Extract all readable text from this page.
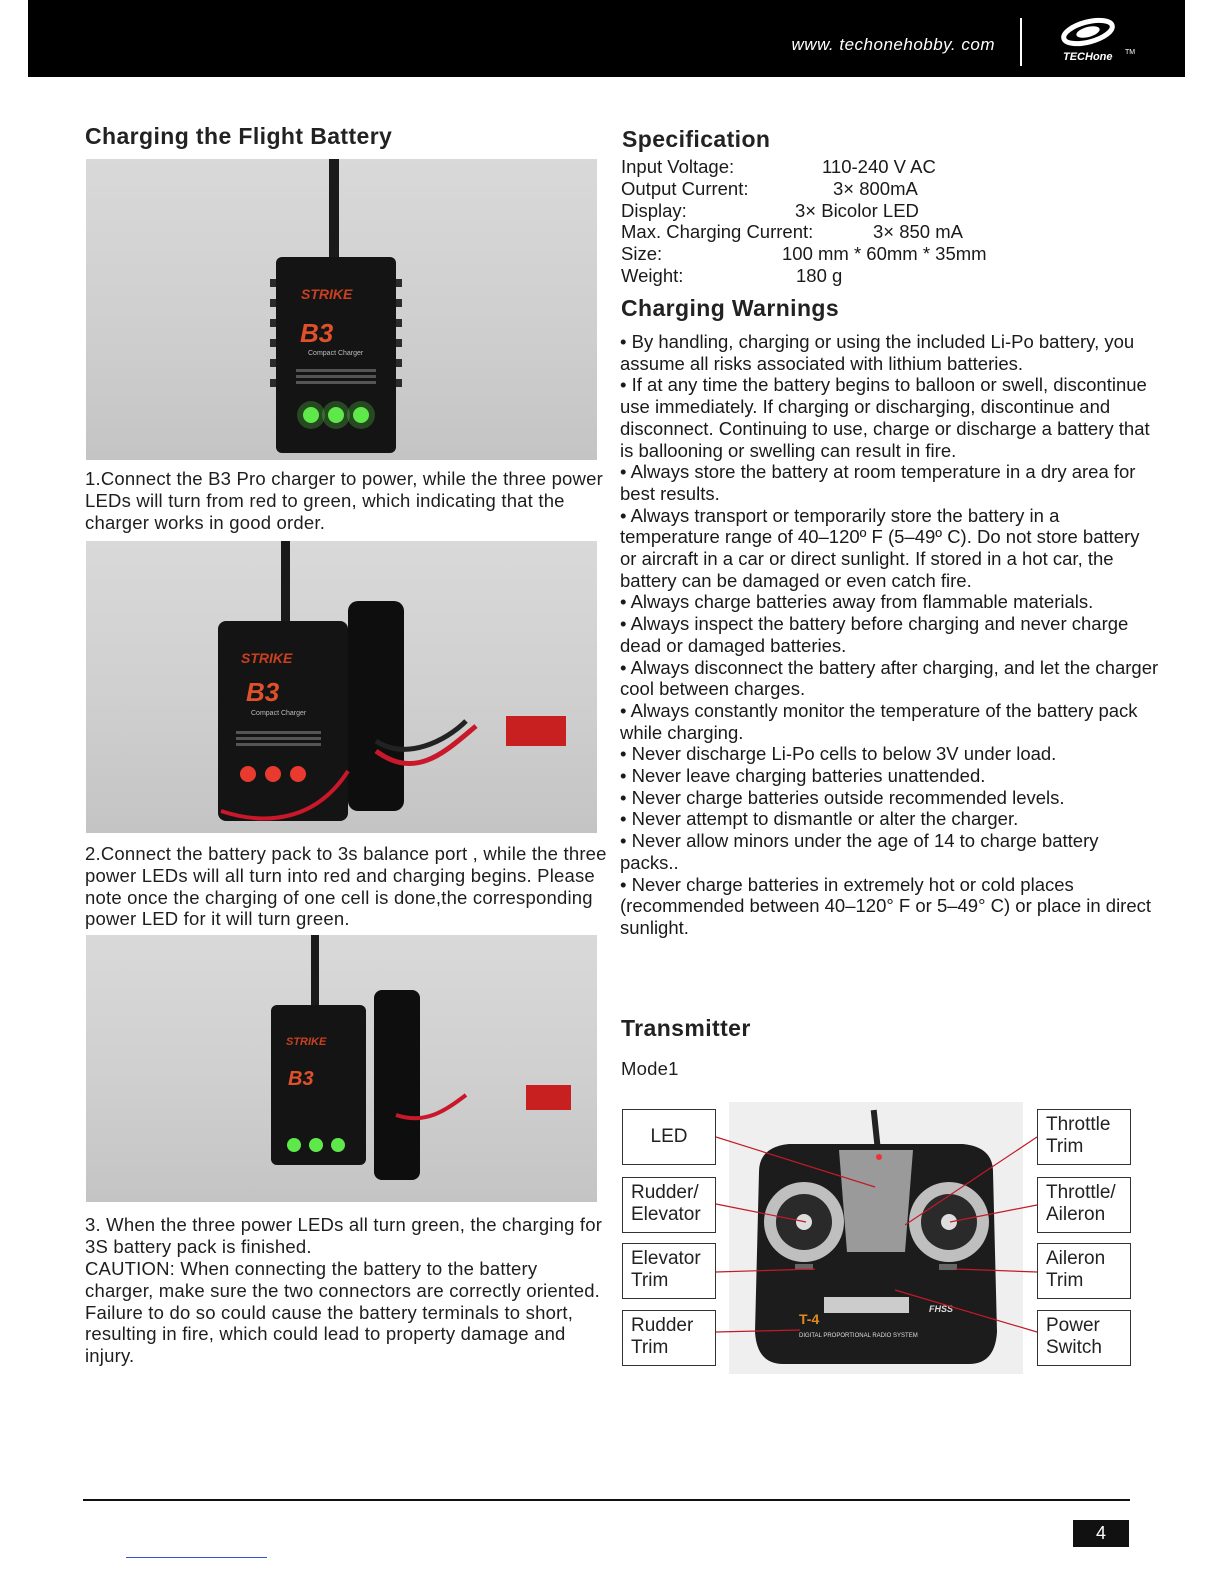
www. techonehobby. com
TECHone TM
Charging the Flight Battery
STRIKE
B3
Compact Charger

1.Connect the B3 Pro charger to power, while the three power LEDs will turn from red to green, which indicating that the charger works in good order.

STRIKE
B3
Compact Charger

2.Connect the battery pack to 3s balance port , while the three power LEDs will all turn into red and charging begins. Please note once the charging of one cell is done,the corresponding power LED for it will turn green.

STRIKE
B3

3. When the three power LEDs all turn green, the charging for 3S battery pack is finished.

CAUTION: When connecting the battery to the battery charger, make sure the two connectors are correctly oriented. Failure to do so could cause the battery terminals to short, resulting in fire, which could lead to property damage and injury.

Specification
Input Voltage:	110-240 V AC
Output Current:	3× 800mA
Display:	3× Bicolor LED
Max. Charging Current:	3× 850 mA
Size:	100 mm * 60mm * 35mm
Weight:	180 g
Charging Warnings

• By handling, charging or using the included Li-Po battery, you assume all risks associated with lithium batteries.

• If at any time the battery begins to balloon or swell, discontinue use immediately. If charging or discharging, discontinue and disconnect. Continuing to use, charge or discharge a battery that is ballooning or swelling can result in fire.

• Always store the battery at room temperature in a dry area for best results.

• Always transport or temporarily store the battery in a temperature range of 40–120º F (5–49º C). Do not store battery or aircraft in a car or direct sunlight. If stored in a hot car, the battery can be damaged or even catch fire.

• Always charge batteries away from flammable materials.

• Always inspect the battery before charging and never charge dead or damaged batteries.

• Always disconnect the battery after charging, and let the charger cool between charges.

• Always constantly monitor the temperature of the battery pack while charging.

• Never discharge Li-Po cells to below 3V under load.

• Never leave charging batteries unattended.

• Never charge batteries outside recommended levels.

• Never attempt to dismantle or alter the charger.

• Never allow minors under the age of 14 to charge battery packs..

• Never charge batteries in extremely hot or cold places (recommended between 40–120° F or 5–49° C) or place in direct sunlight.

Transmitter
Mode1
T-4
DIGITAL PROPORTIONAL RADIO SYSTEM
FHSS
LED
Rudder/ Elevator
Elevator Trim
Rudder Trim
Throttle Trim
Throttle/ Aileron
Aileron Trim
Power Switch
4
